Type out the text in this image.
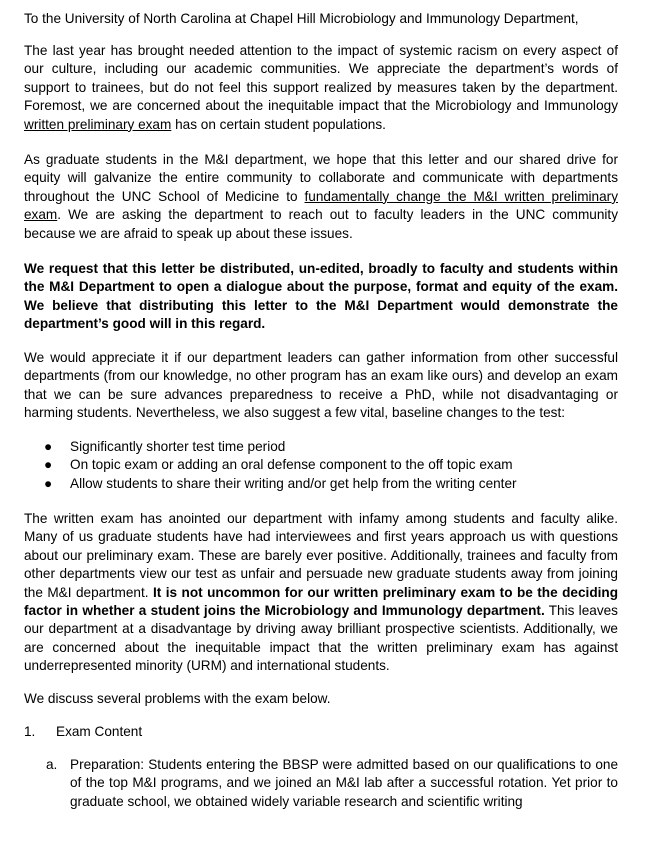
To the University of North Carolina at Chapel Hill Microbiology and Immunology Department,

The last year has brought needed attention to the impact of systemic racism on every aspect of our culture, including our academic communities. We appreciate the department’s words of support to trainees, but do not feel this support realized by measures taken by the department. Foremost, we are concerned about the inequitable impact that the Microbiology and Immunology written preliminary exam has on certain student populations.

As graduate students in the M&I department, we hope that this letter and our shared drive for equity will galvanize the entire community to collaborate and communicate with departments throughout the UNC School of Medicine to fundamentally change the M&I written preliminary exam. We are asking the department to reach out to faculty leaders in the UNC community because we are afraid to speak up about these issues.

We request that this letter be distributed, un-edited, broadly to faculty and students within the M&I Department to open a dialogue about the purpose, format and equity of the exam. We believe that distributing this letter to the M&I Department would demonstrate the department’s good will in this regard.

We would appreciate it if our department leaders can gather information from other successful departments (from our knowledge, no other program has an exam like ours) and develop an exam that we can be sure advances preparedness to receive a PhD, while not disadvantaging or harming students. Nevertheless, we also suggest a few vital, baseline changes to the test:

● Significantly shorter test time period
● On topic exam or adding an oral defense component to the off topic exam
● Allow students to share their writing and/or get help from the writing center

The written exam has anointed our department with infamy among students and faculty alike. Many of us graduate students have had interviewees and first years approach us with questions about our preliminary exam. These are barely ever positive. Additionally, trainees and faculty from other departments view our test as unfair and persuade new graduate students away from joining the M&I department. It is not uncommon for our written preliminary exam to be the deciding factor in whether a student joins the Microbiology and Immunology department. This leaves our department at a disadvantage by driving away brilliant prospective scientists. Additionally, we are concerned about the inequitable impact that the written preliminary exam has against underrepresented minority (URM) and international students.

We discuss several problems with the exam below.

1. Exam Content

a. Preparation: Students entering the BBSP were admitted based on our qualifications to one of the top M&I programs, and we joined an M&I lab after a successful rotation. Yet prior to graduate school, we obtained widely variable research and scientific writing
